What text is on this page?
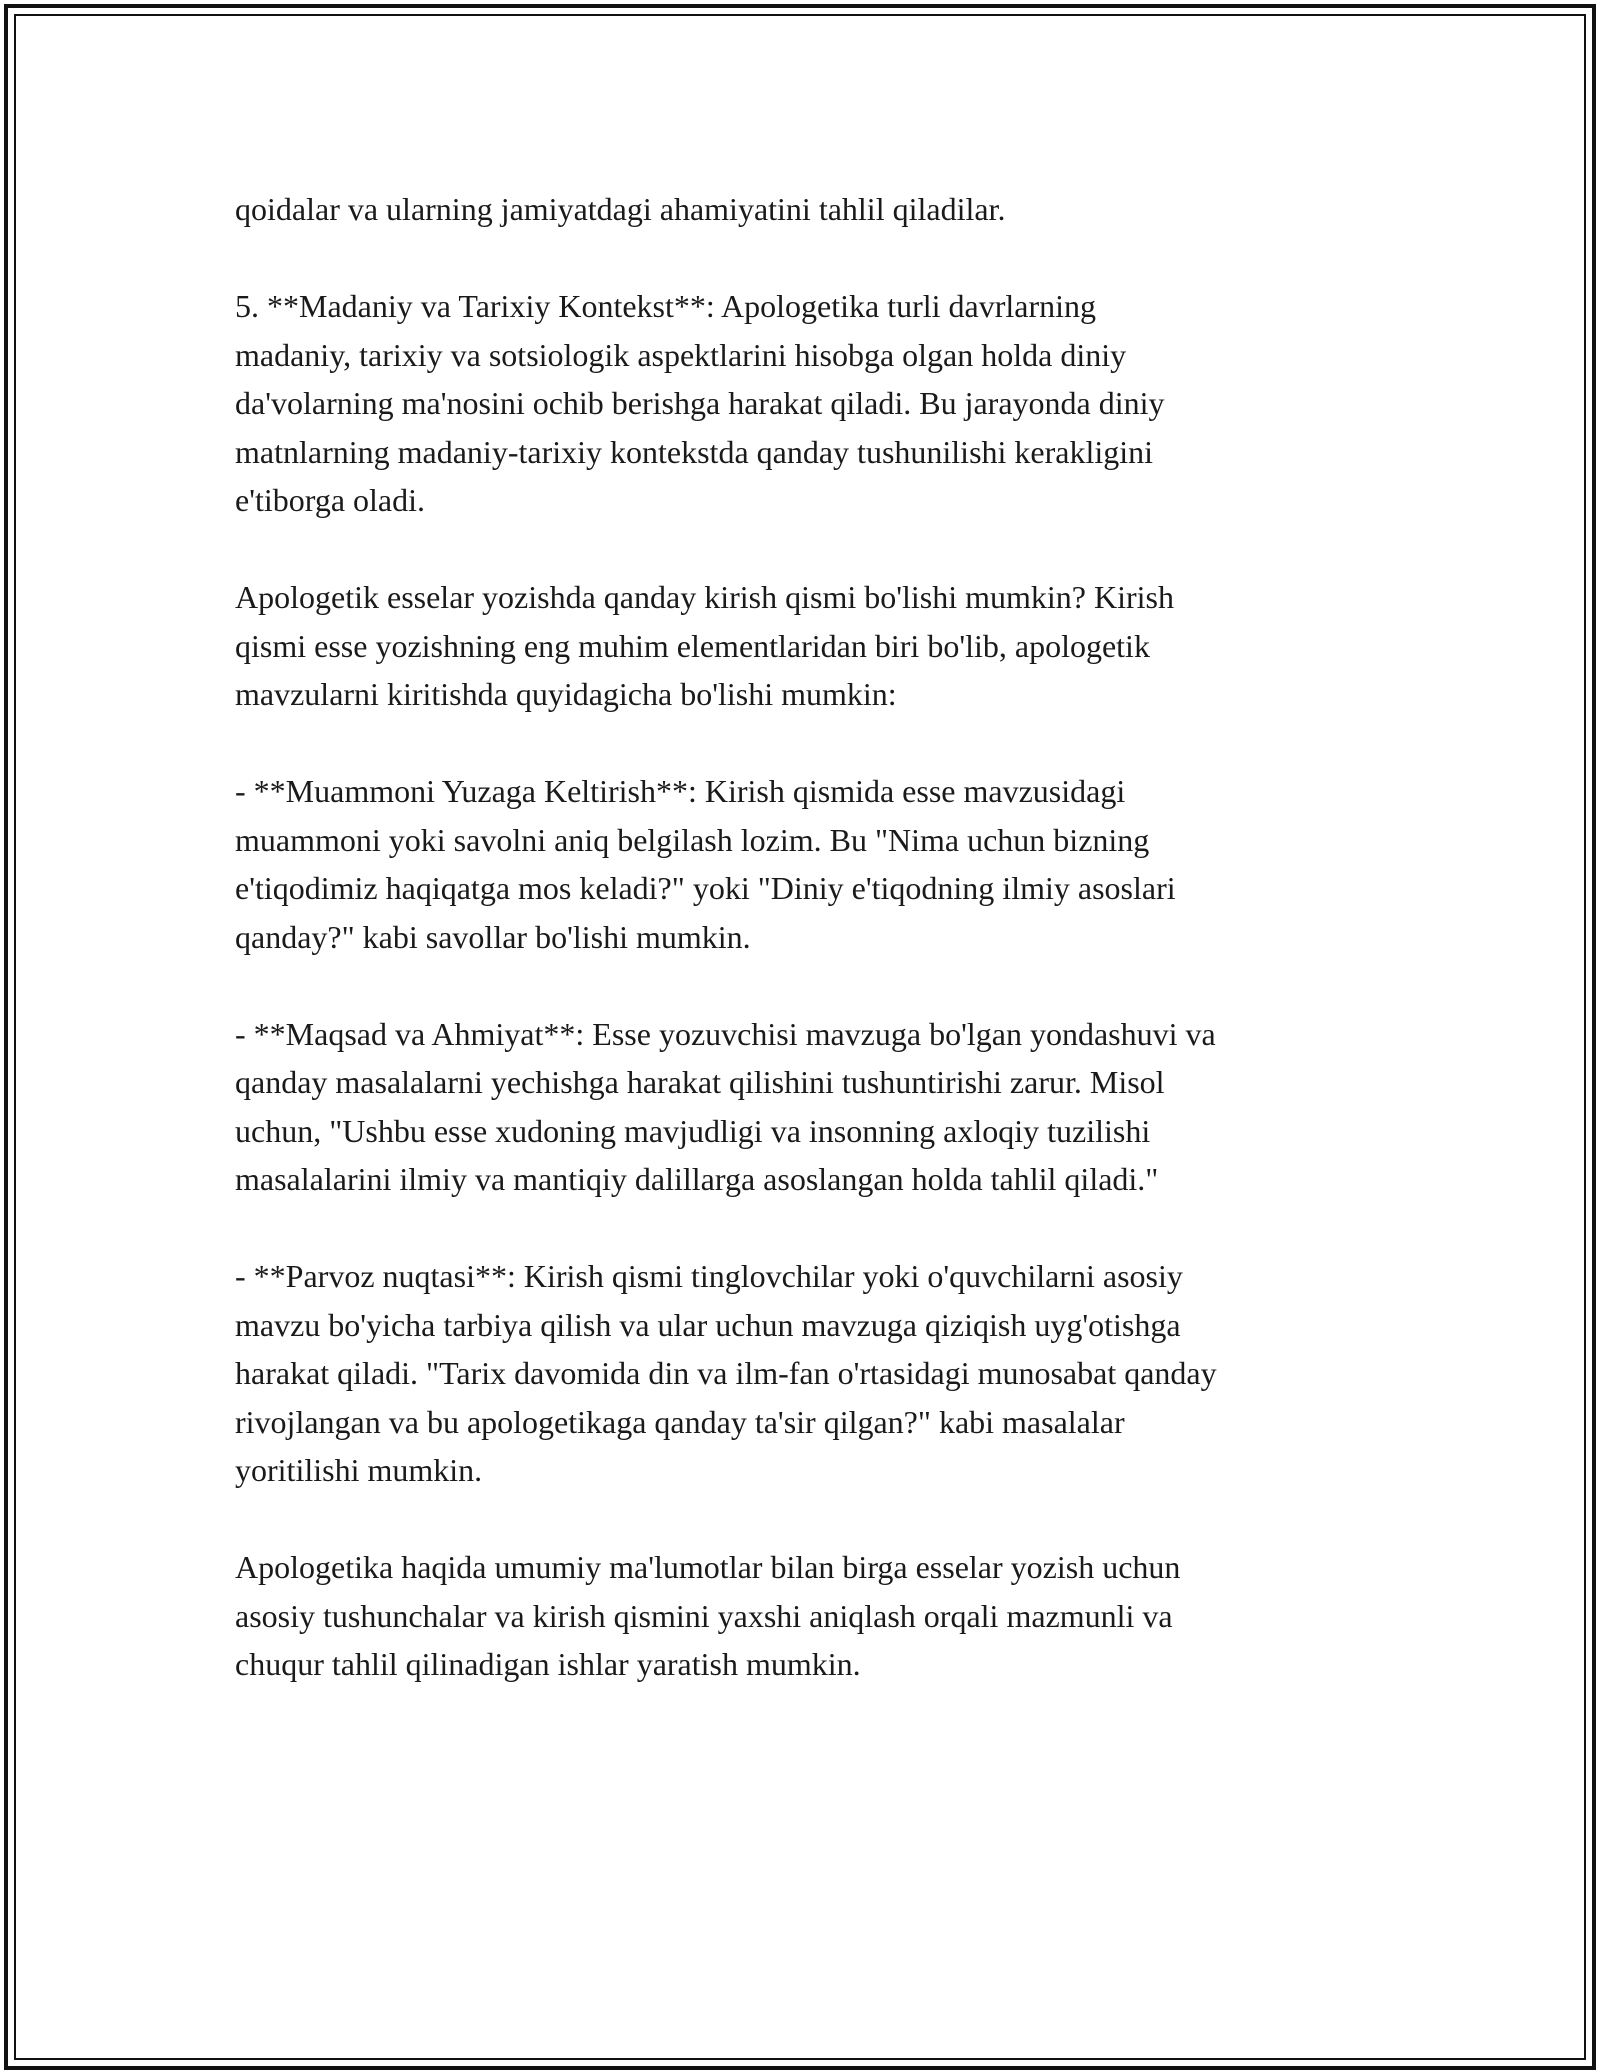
qoidalar va ularning jamiyatdagi ahamiyatini tahlil qiladilar.

5. **Madaniy va Tarixiy Kontekst**: Apologetika turli davrlarning
madaniy, tarixiy va sotsiologik aspektlarini hisobga olgan holda diniy
da'volarning ma'nosini ochib berishga harakat qiladi. Bu jarayonda diniy
matnlarning madaniy-tarixiy kontekstda qanday tushunilishi kerakligini
e'tiborga oladi.

Apologetik esselar yozishda qanday kirish qismi bo'lishi mumkin? Kirish
qismi esse yozishning eng muhim elementlaridan biri bo'lib, apologetik
mavzularni kiritishda quyidagicha bo'lishi mumkin:

- **Muammoni Yuzaga Keltirish**: Kirish qismida esse mavzusidagi
muammoni yoki savolni aniq belgilash lozim. Bu "Nima uchun bizning
e'tiqodimiz haqiqatga mos keladi?" yoki "Diniy e'tiqodning ilmiy asoslari
qanday?" kabi savollar bo'lishi mumkin.

- **Maqsad va Ahmiyat**: Esse yozuvchisi mavzuga bo'lgan yondashuvi va
qanday masalalarni yechishga harakat qilishini tushuntirishi zarur. Misol
uchun, "Ushbu esse xudoning mavjudligi va insonning axloqiy tuzilishi
masalalarini ilmiy va mantiqiy dalillarga asoslangan holda tahlil qiladi."

- **Parvoz nuqtasi**: Kirish qismi tinglovchilar yoki o'quvchilarni asosiy
mavzu bo'yicha tarbiya qilish va ular uchun mavzuga qiziqish uyg'otishga
harakat qiladi. "Tarix davomida din va ilm-fan o'rtasidagi munosabat qanday
rivojlangan va bu apologetikaga qanday ta'sir qilgan?" kabi masalalar
yoritilishi mumkin.

Apologetika haqida umumiy ma'lumotlar bilan birga esselar yozish uchun
asosiy tushunchalar va kirish qismini yaxshi aniqlash orqali mazmunli va
chuqur tahlil qilinadigan ishlar yaratish mumkin.
